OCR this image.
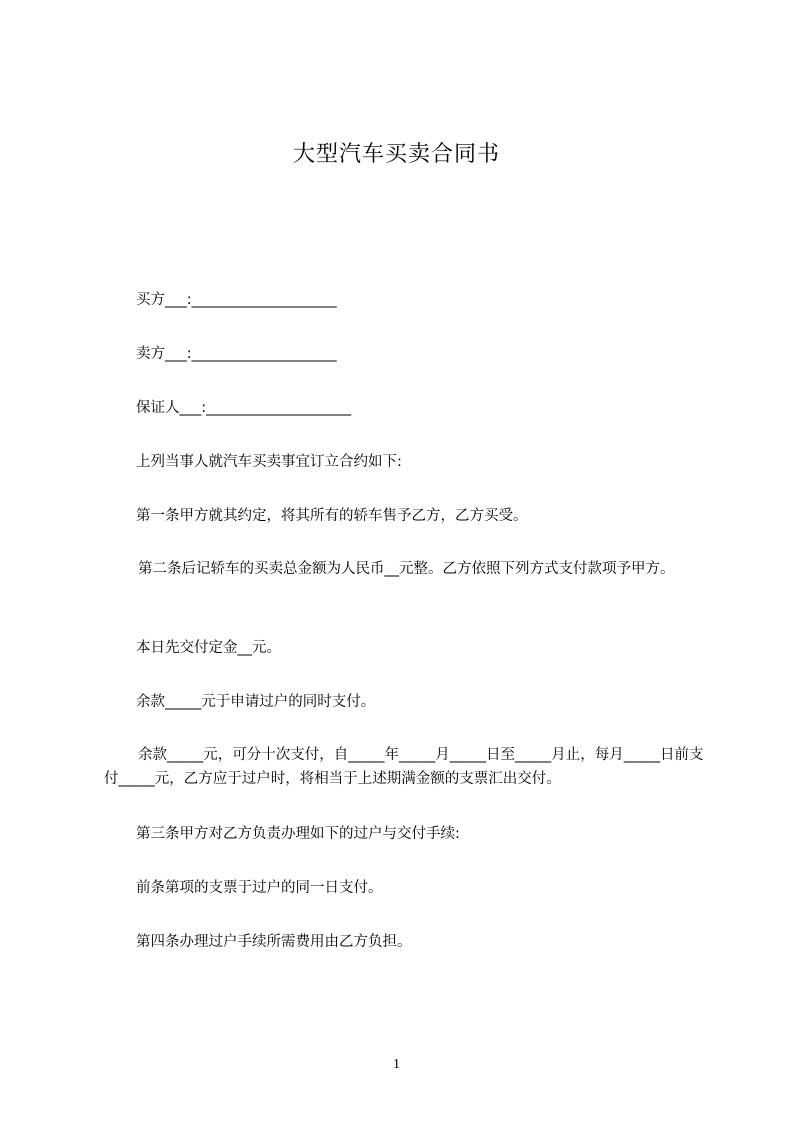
大型汽车买卖合同书
买方___:____________________
卖方___:____________________
保证人___:____________________
上列当事人就汽车买卖事宜订立合约如下:
第一条甲方就其约定，将其所有的轿车售予乙方，乙方买受。
第二条后记轿车的买卖总金额为人民币__元整。乙方依照下列方式支付款项予甲方。
本日先交付定金__元。
余款_____元于申请过户的同时支付。
余款_____元，可分十次支付，自_____年_____月_____日至_____月止，每月_____日前支付_____元，乙方应于过户时，将相当于上述期满金额的支票汇出交付。
第三条甲方对乙方负责办理如下的过户与交付手续:
前条第项的支票于过户的同一日支付。
第四条办理过户手续所需费用由乙方负担。
1
